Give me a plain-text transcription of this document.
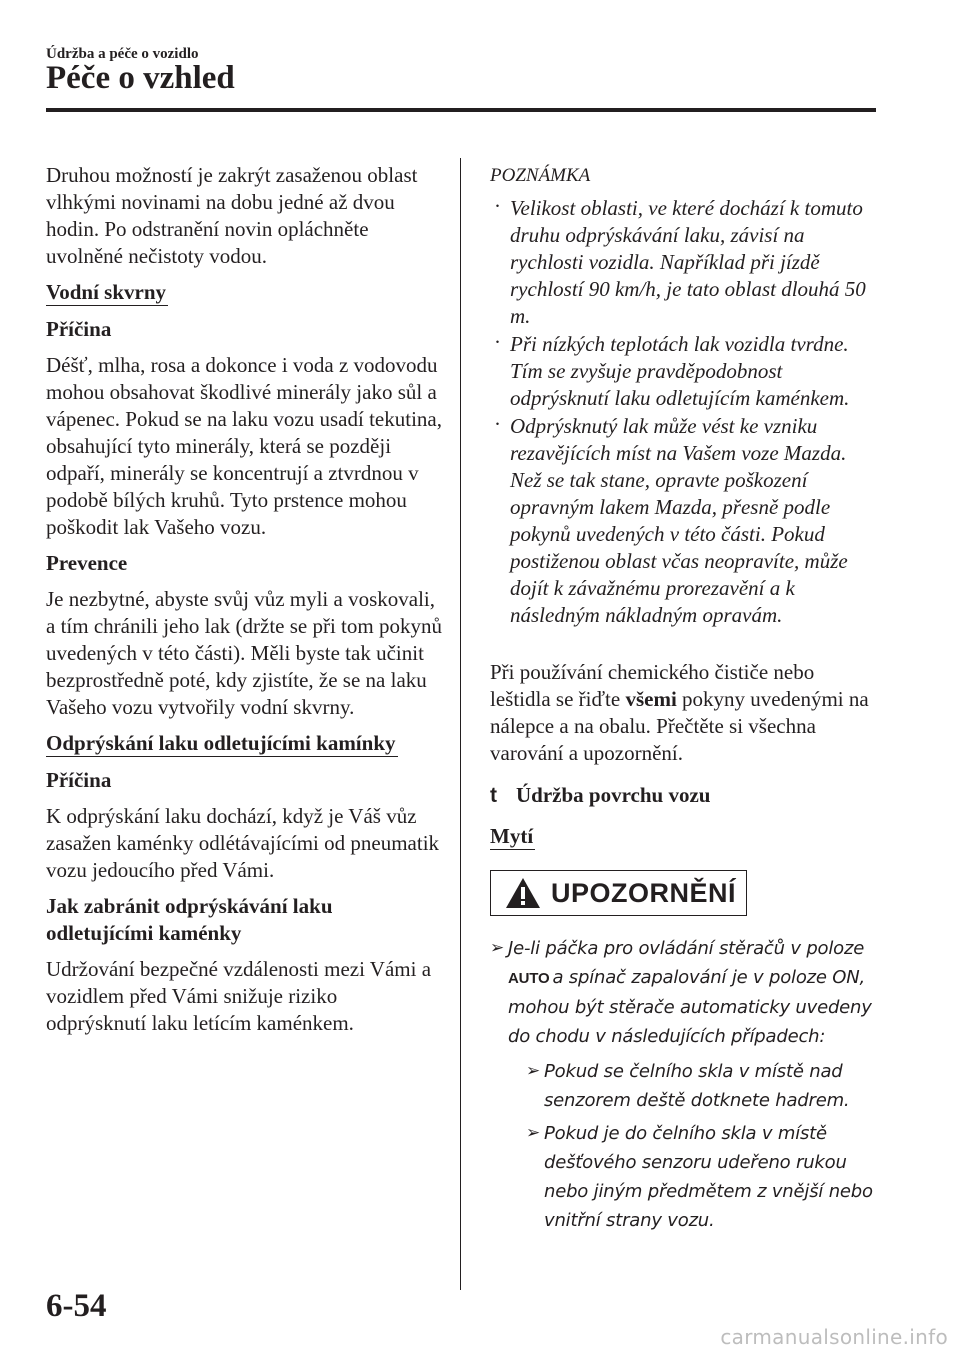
Údržba a péče o vozidlo
Péče o vzhled

Druhou možností je zakrýt zasaženou oblast vlhkými novinami na dobu jedné až dvou hodin. Po odstranění novin opláchněte uvolněné nečistoty vodou.

Vodní skvrny
Příčina

Déšť, mlha, rosa a dokonce i voda z vodovodu mohou obsahovat škodlivé minerály jako sůl a vápenec. Pokud se na laku vozu usadí tekutina, obsahující tyto minerály, která se později odpaří, minerály se koncentrují a ztvrdnou v podobě bílých kruhů. Tyto prstence mohou poškodit lak Vašeho vozu.

Prevence

Je nezbytné, abyste svůj vůz myli a voskovali, a tím chránili jeho lak (držte se při tom pokynů uvedených v této části). Měli byste tak učinit bezprostředně poté, kdy zjistíte, že se na laku Vašeho vozu vytvořily vodní skvrny.

Odprýskání laku odletujícími kamínky
Příčina

K odprýskání laku dochází, když je Váš vůz zasažen kaménky odlétávajícími od pneumatik vozu jedoucího před Vámi.

Jak zabránit odprýskávání laku odletujícími kaménky

Udržování bezpečné vzdálenosti mezi Vámi a vozidlem před Vámi snižuje riziko odprýsknutí laku letícím kaménkem.

POZNÁMKA
· Velikost oblasti, ve které dochází k tomuto druhu odprýskávání laku, závisí na rychlosti vozidla. Například při jízdě rychlostí 90 km/h, je tato oblast dlouhá 50 m.
· Při nízkých teplotách lak vozidla tvrdne. Tím se zvyšuje pravděpodobnost odprýsknutí laku odletujícím kaménkem.
· Odprýsknutý lak může vést ke vzniku rezavějících míst na Vašem voze Mazda. Než se tak stane, opravte poškození opravným lakem Mazda, přesně podle pokynů uvedených v této části. Pokud postiženou oblast včas neopravíte, může dojít k závažnému prorezavění a k následným nákladným opravám.

Při používání chemického čističe nebo leštidla se řiďte všemi pokyny uvedenými na nálepce a na obalu. Přečtěte si všechna varování a upozornění.

t Údržba povrchu vozu
Mytí

UPOZORNĚNÍ
➢ Je-li páčka pro ovládání stěračů v poloze
AUTO a spínač zapalování je v poloze ON, mohou být stěrače automaticky uvedeny do chodu v následujících případech:
➢ Pokud se čelního skla v místě nad senzorem deště dotknete hadrem.
➢ Pokud je do čelního skla v místě dešťového senzoru udeřeno rukou nebo jiným předmětem z vnější nebo vnitřní strany vozu.
6-54
carmanualsonline.info
